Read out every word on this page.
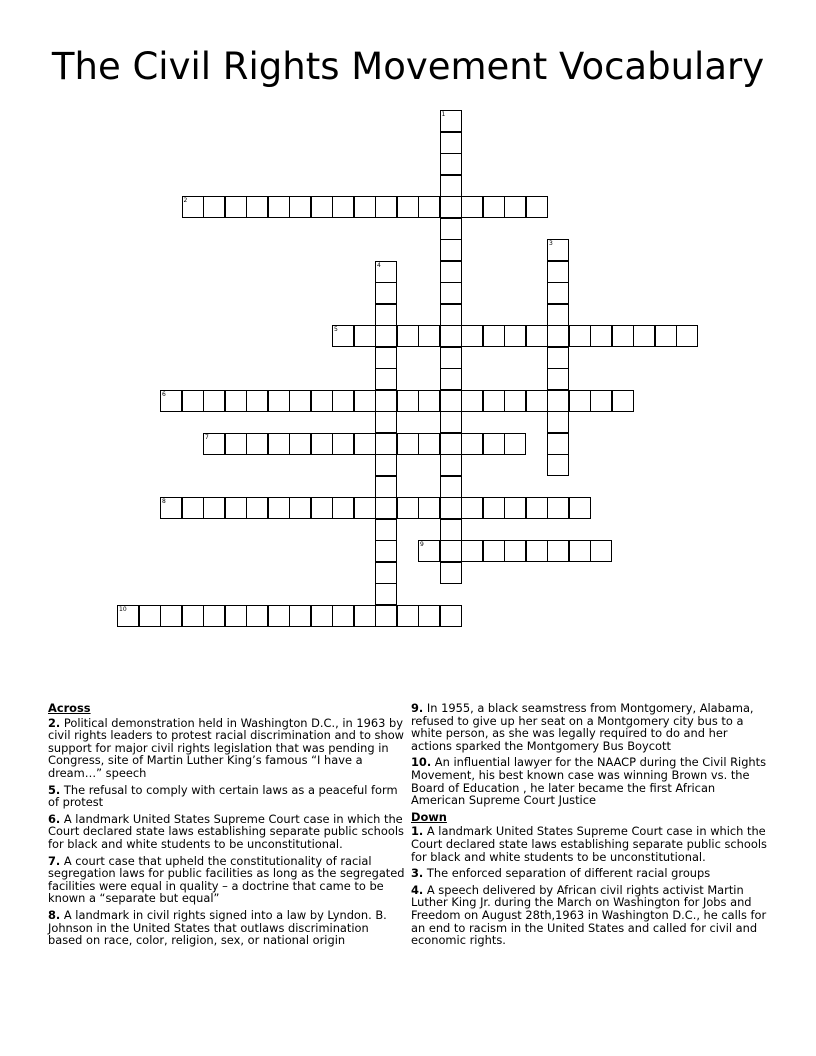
The Civil Rights Movement Vocabulary
1
2
3
4
5
6
7
8
9
10
Across
2. Political demonstration held in Washington D.C., in 1963 by civil rights leaders to protest racial discrimination and to show support for major civil rights legislation that was pending in Congress, site of Martin Luther King’s famous “I have a dream…” speech
5. The refusal to comply with certain laws as a peaceful form of protest
6. A landmark United States Supreme Court case in which the Court declared state laws establishing separate public schools for black and white students to be unconstitutional.
7. A court case that upheld the constitutionality of racial segregation laws for public facilities as long as the segregated facilities were equal in quality – a doctrine that came to be known a “separate but equal”
8. A landmark in civil rights signed into a law by Lyndon. B. Johnson in the United States that outlaws discrimination based on race, color, religion, sex, or national origin
9. In 1955, a black seamstress from Montgomery, Alabama, refused to give up her seat on a Montgomery city bus to a white person, as she was legally required to do and her actions sparked the Montgomery Bus Boycott
10. An influential lawyer for the NAACP during the Civil Rights Movement, his best known case was winning Brown vs. the Board of Education , he later became the first African American Supreme Court Justice
Down
1. A landmark United States Supreme Court case in which the Court declared state laws establishing separate public schools for black and white students to be unconstitutional.
3. The enforced separation of different racial groups
4. A speech delivered by African civil rights activist Martin Luther King Jr. during the March on Washington for Jobs and Freedom on August 28th,1963 in Washington D.C., he calls for an end to racism in the United States and called for civil and economic rights.
